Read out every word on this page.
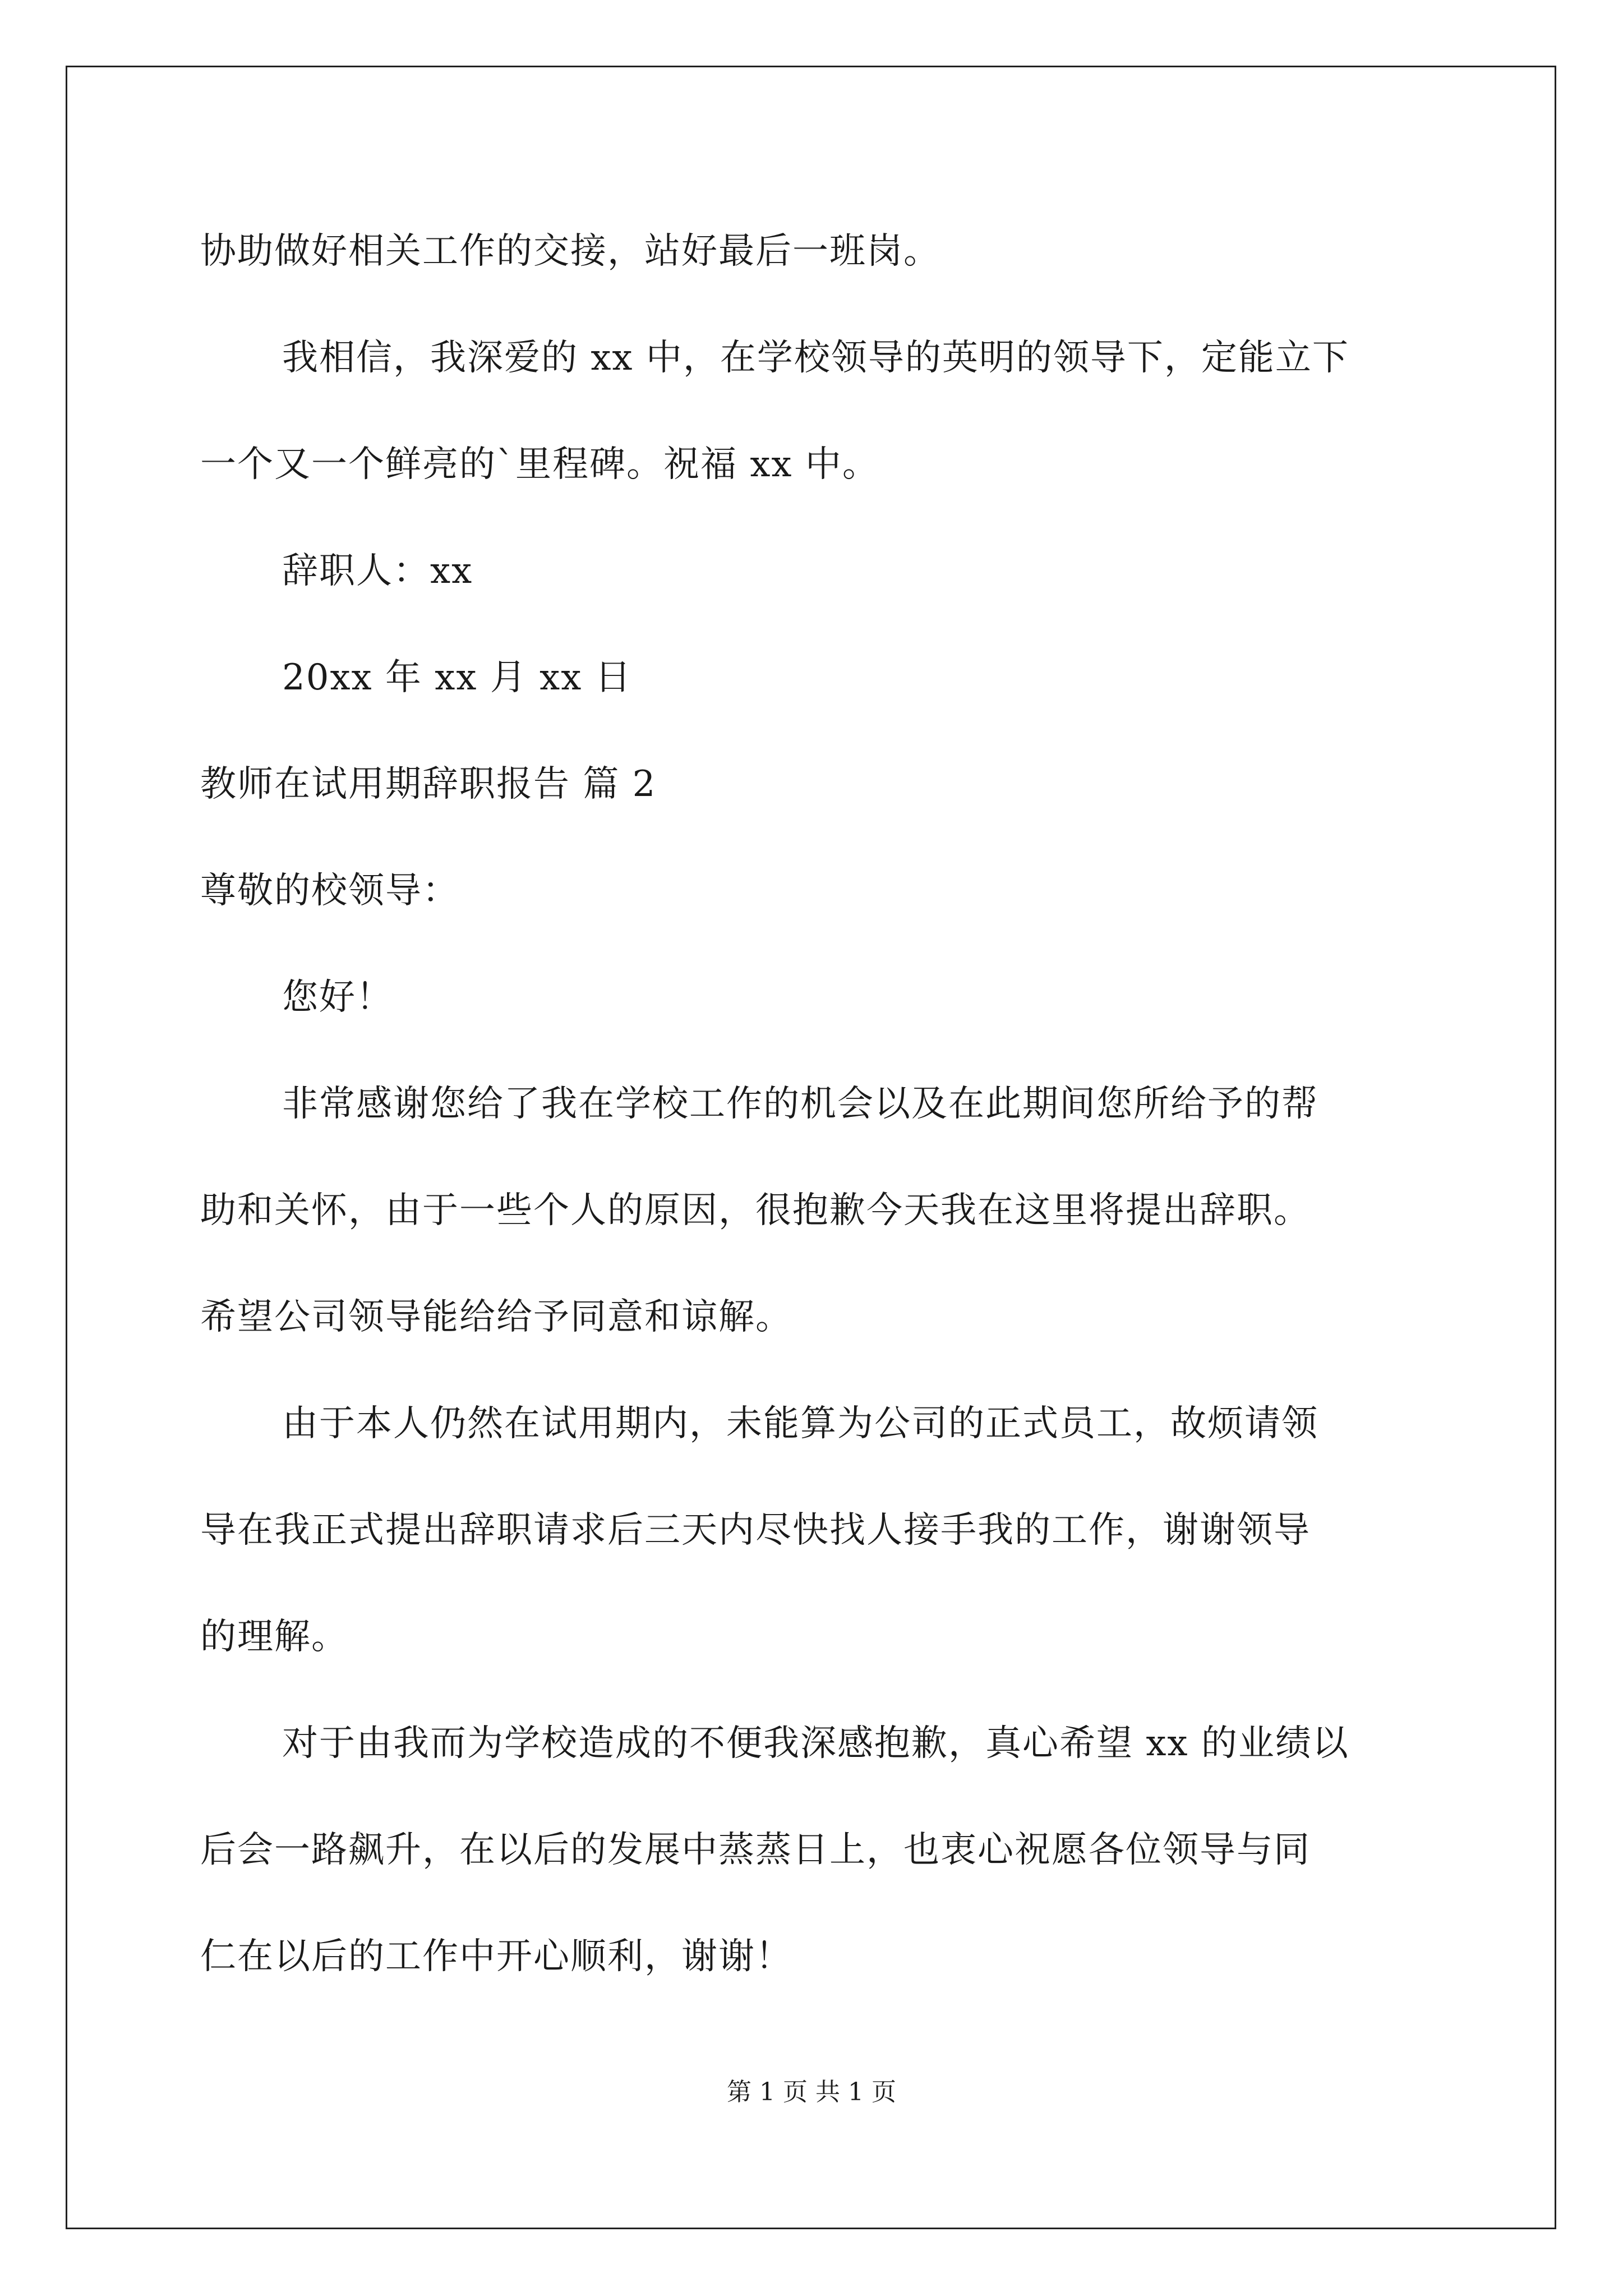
协助做好相关工作的交接，站好最后一班岗。
我相信，我深爱的 xx 中，在学校领导的英明的领导下，定能立下
一个又一个鲜亮的`里程碑。祝福 xx 中。
辞职人：xx
20xx 年 xx 月 xx 日
教师在试用期辞职报告 篇 2
尊敬的校领导：
您好！
非常感谢您给了我在学校工作的机会以及在此期间您所给予的帮
助和关怀，由于一些个人的原因，很抱歉今天我在这里将提出辞职。
希望公司领导能给给予同意和谅解。
由于本人仍然在试用期内，未能算为公司的正式员工，故烦请领
导在我正式提出辞职请求后三天内尽快找人接手我的工作，谢谢领导
的理解。
对于由我而为学校造成的不便我深感抱歉，真心希望 xx 的业绩以
后会一路飙升，在以后的发展中蒸蒸日上，也衷心祝愿各位领导与同
仁在以后的工作中开心顺利，谢谢！
第 1 页 共 1 页
